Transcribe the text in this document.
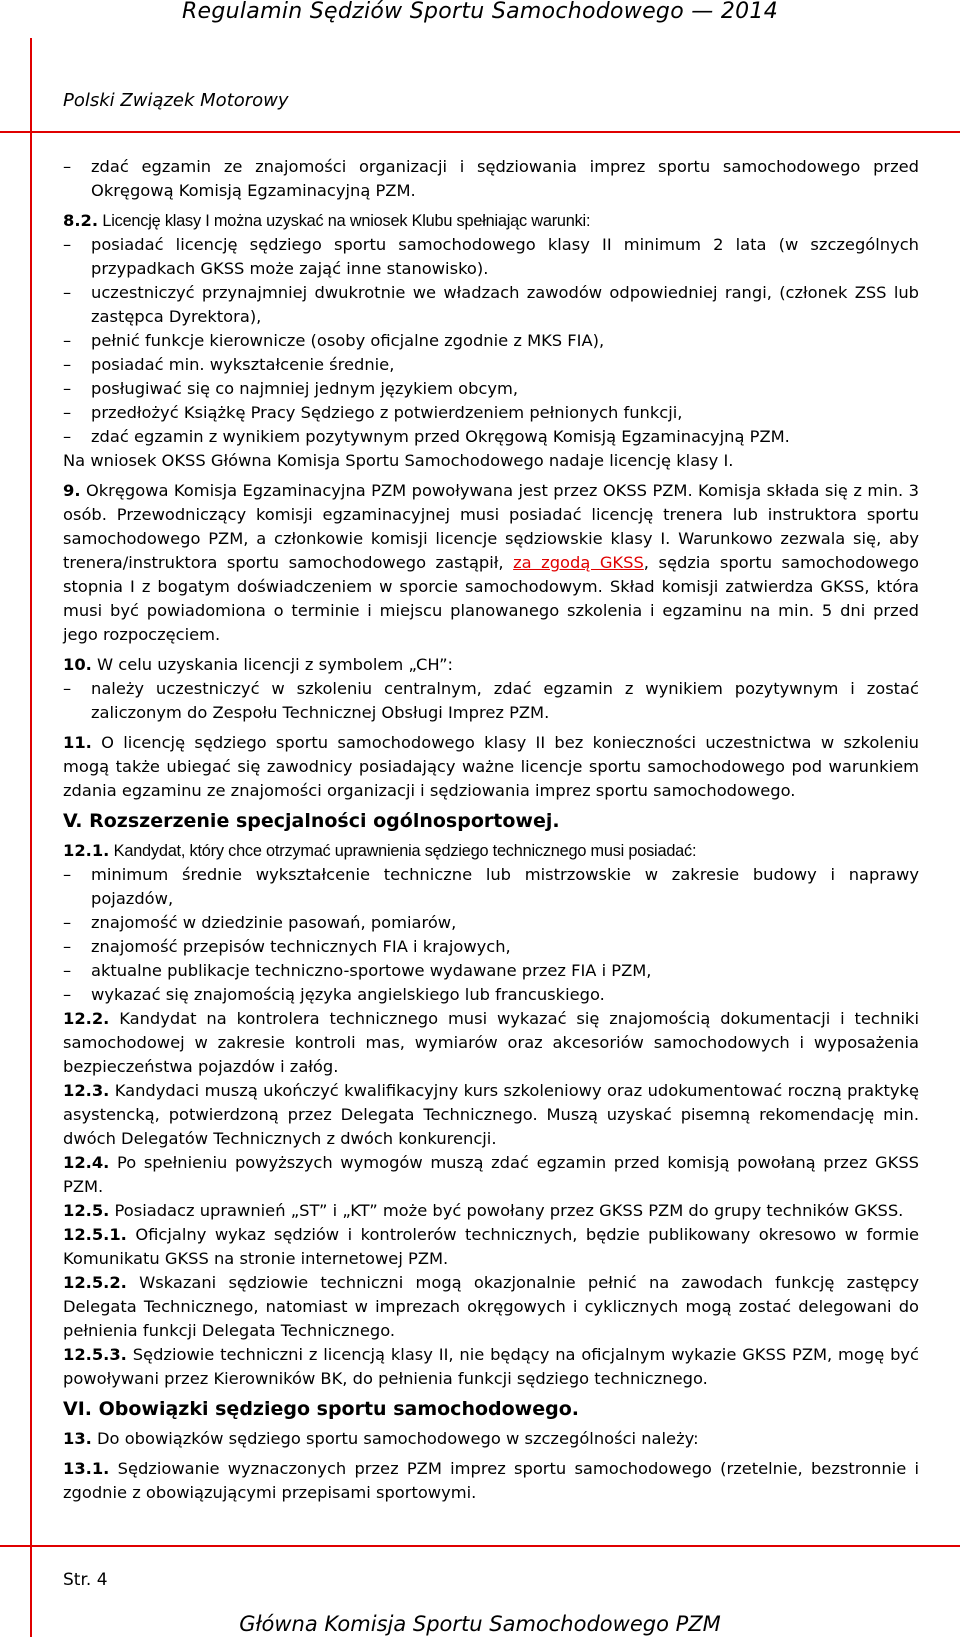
Regulamin Sędziów Sportu Samochodowego — 2014
Polski Związek Motorowy

– zdać egzamin ze znajomości organizacji i sędziowania imprez sportu samochodowego przed Okręgową Komisją Egzaminacyjną PZM.

8.2. Licencję klasy I można uzyskać na wniosek Klubu spełniając warunki:

– posiadać licencję sędziego sportu samochodowego klasy II minimum 2 lata (w szczególnych przypadkach GKSS może zająć inne stanowisko).

– uczestniczyć przynajmniej dwukrotnie we władzach zawodów odpowiedniej rangi, (członek ZSS lub zastępca Dyrektora),

– pełnić funkcje kierownicze (osoby oficjalne zgodnie z MKS FIA),

– posiadać min. wykształcenie średnie,

– posługiwać się co najmniej jednym językiem obcym,

– przedłożyć Książkę Pracy Sędziego z potwierdzeniem pełnionych funkcji,

– zdać egzamin z wynikiem pozytywnym przed Okręgową Komisją Egzaminacyjną PZM.

Na wniosek OKSS Główna Komisja Sportu Samochodowego nadaje licencję klasy I.

9. Okręgowa Komisja Egzaminacyjna PZM powoływana jest przez OKSS PZM. Komisja składa się z min. 3 osób. Przewodniczący komisji egzaminacyjnej musi posiadać licencję trenera lub instruktora sportu samochodowego PZM, a członkowie komisji licencje sędziowskie klasy I. Warunkowo zezwala się, aby trenera/instruktora sportu samochodowego zastąpił, za zgodą GKSS, sędzia sportu samochodowego stopnia I z bogatym doświadczeniem w sporcie samochodowym. Skład komisji zatwierdza GKSS, która musi być powiadomiona o terminie i miejscu planowanego szkolenia i egzaminu na min. 5 dni przed jego rozpoczęciem.

10. W celu uzyskania licencji z symbolem „CH”:

– należy uczestniczyć w szkoleniu centralnym, zdać egzamin z wynikiem pozytywnym i zostać zaliczonym do Zespołu Technicznej Obsługi Imprez PZM.

11. O licencję sędziego sportu samochodowego klasy II bez konieczności uczestnictwa w szkoleniu mogą także ubiegać się zawodnicy posiadający ważne licencje sportu samochodowego pod warunkiem zdania egzaminu ze znajomości organizacji i sędziowania imprez sportu samochodowego.

V. Rozszerzenie specjalności ogólnosportowej.

12.1. Kandydat, który chce otrzymać uprawnienia sędziego technicznego musi posiadać:

– minimum średnie wykształcenie techniczne lub mistrzowskie w zakresie budowy i naprawy pojazdów,

– znajomość w dziedzinie pasowań, pomiarów,

– znajomość przepisów technicznych FIA i krajowych,

– aktualne publikacje techniczno-sportowe wydawane przez FIA i PZM,

– wykazać się znajomością języka angielskiego lub francuskiego.

12.2. Kandydat na kontrolera technicznego musi wykazać się znajomością dokumentacji i techniki samochodowej w zakresie kontroli mas, wymiarów oraz akcesoriów samochodowych i wyposażenia bezpieczeństwa pojazdów i załóg.

12.3. Kandydaci muszą ukończyć kwalifikacyjny kurs szkoleniowy oraz udokumentować roczną praktykę asystencką, potwierdzoną przez Delegata Technicznego. Muszą uzyskać pisemną rekomendację min. dwóch Delegatów Technicznych z dwóch konkurencji.

12.4. Po spełnieniu powyższych wymogów muszą zdać egzamin przed komisją powołaną przez GKSS PZM.

12.5. Posiadacz uprawnień „ST” i „KT” może być powołany przez GKSS PZM do grupy techników GKSS.

12.5.1. Oficjalny wykaz sędziów i kontrolerów technicznych, będzie publikowany okresowo w formie Komunikatu GKSS na stronie internetowej PZM.

12.5.2. Wskazani sędziowie techniczni mogą okazjonalnie pełnić na zawodach funkcję zastępcy Delegata Technicznego, natomiast w imprezach okręgowych i cyklicznych mogą zostać delegowani do pełnienia funkcji Delegata Technicznego.

12.5.3. Sędziowie techniczni z licencją klasy II, nie będący na oficjalnym wykazie GKSS PZM, mogę być powoływani przez Kierowników BK, do pełnienia funkcji sędziego technicznego.

VI. Obowiązki sędziego sportu samochodowego.

13. Do obowiązków sędziego sportu samochodowego w szczególności należy:

13.1. Sędziowanie wyznaczonych przez PZM imprez sportu samochodowego (rzetelnie, bezstronnie i zgodnie z obowiązującymi przepisami sportowymi.

Str. 4
Główna Komisja Sportu Samochodowego PZM
